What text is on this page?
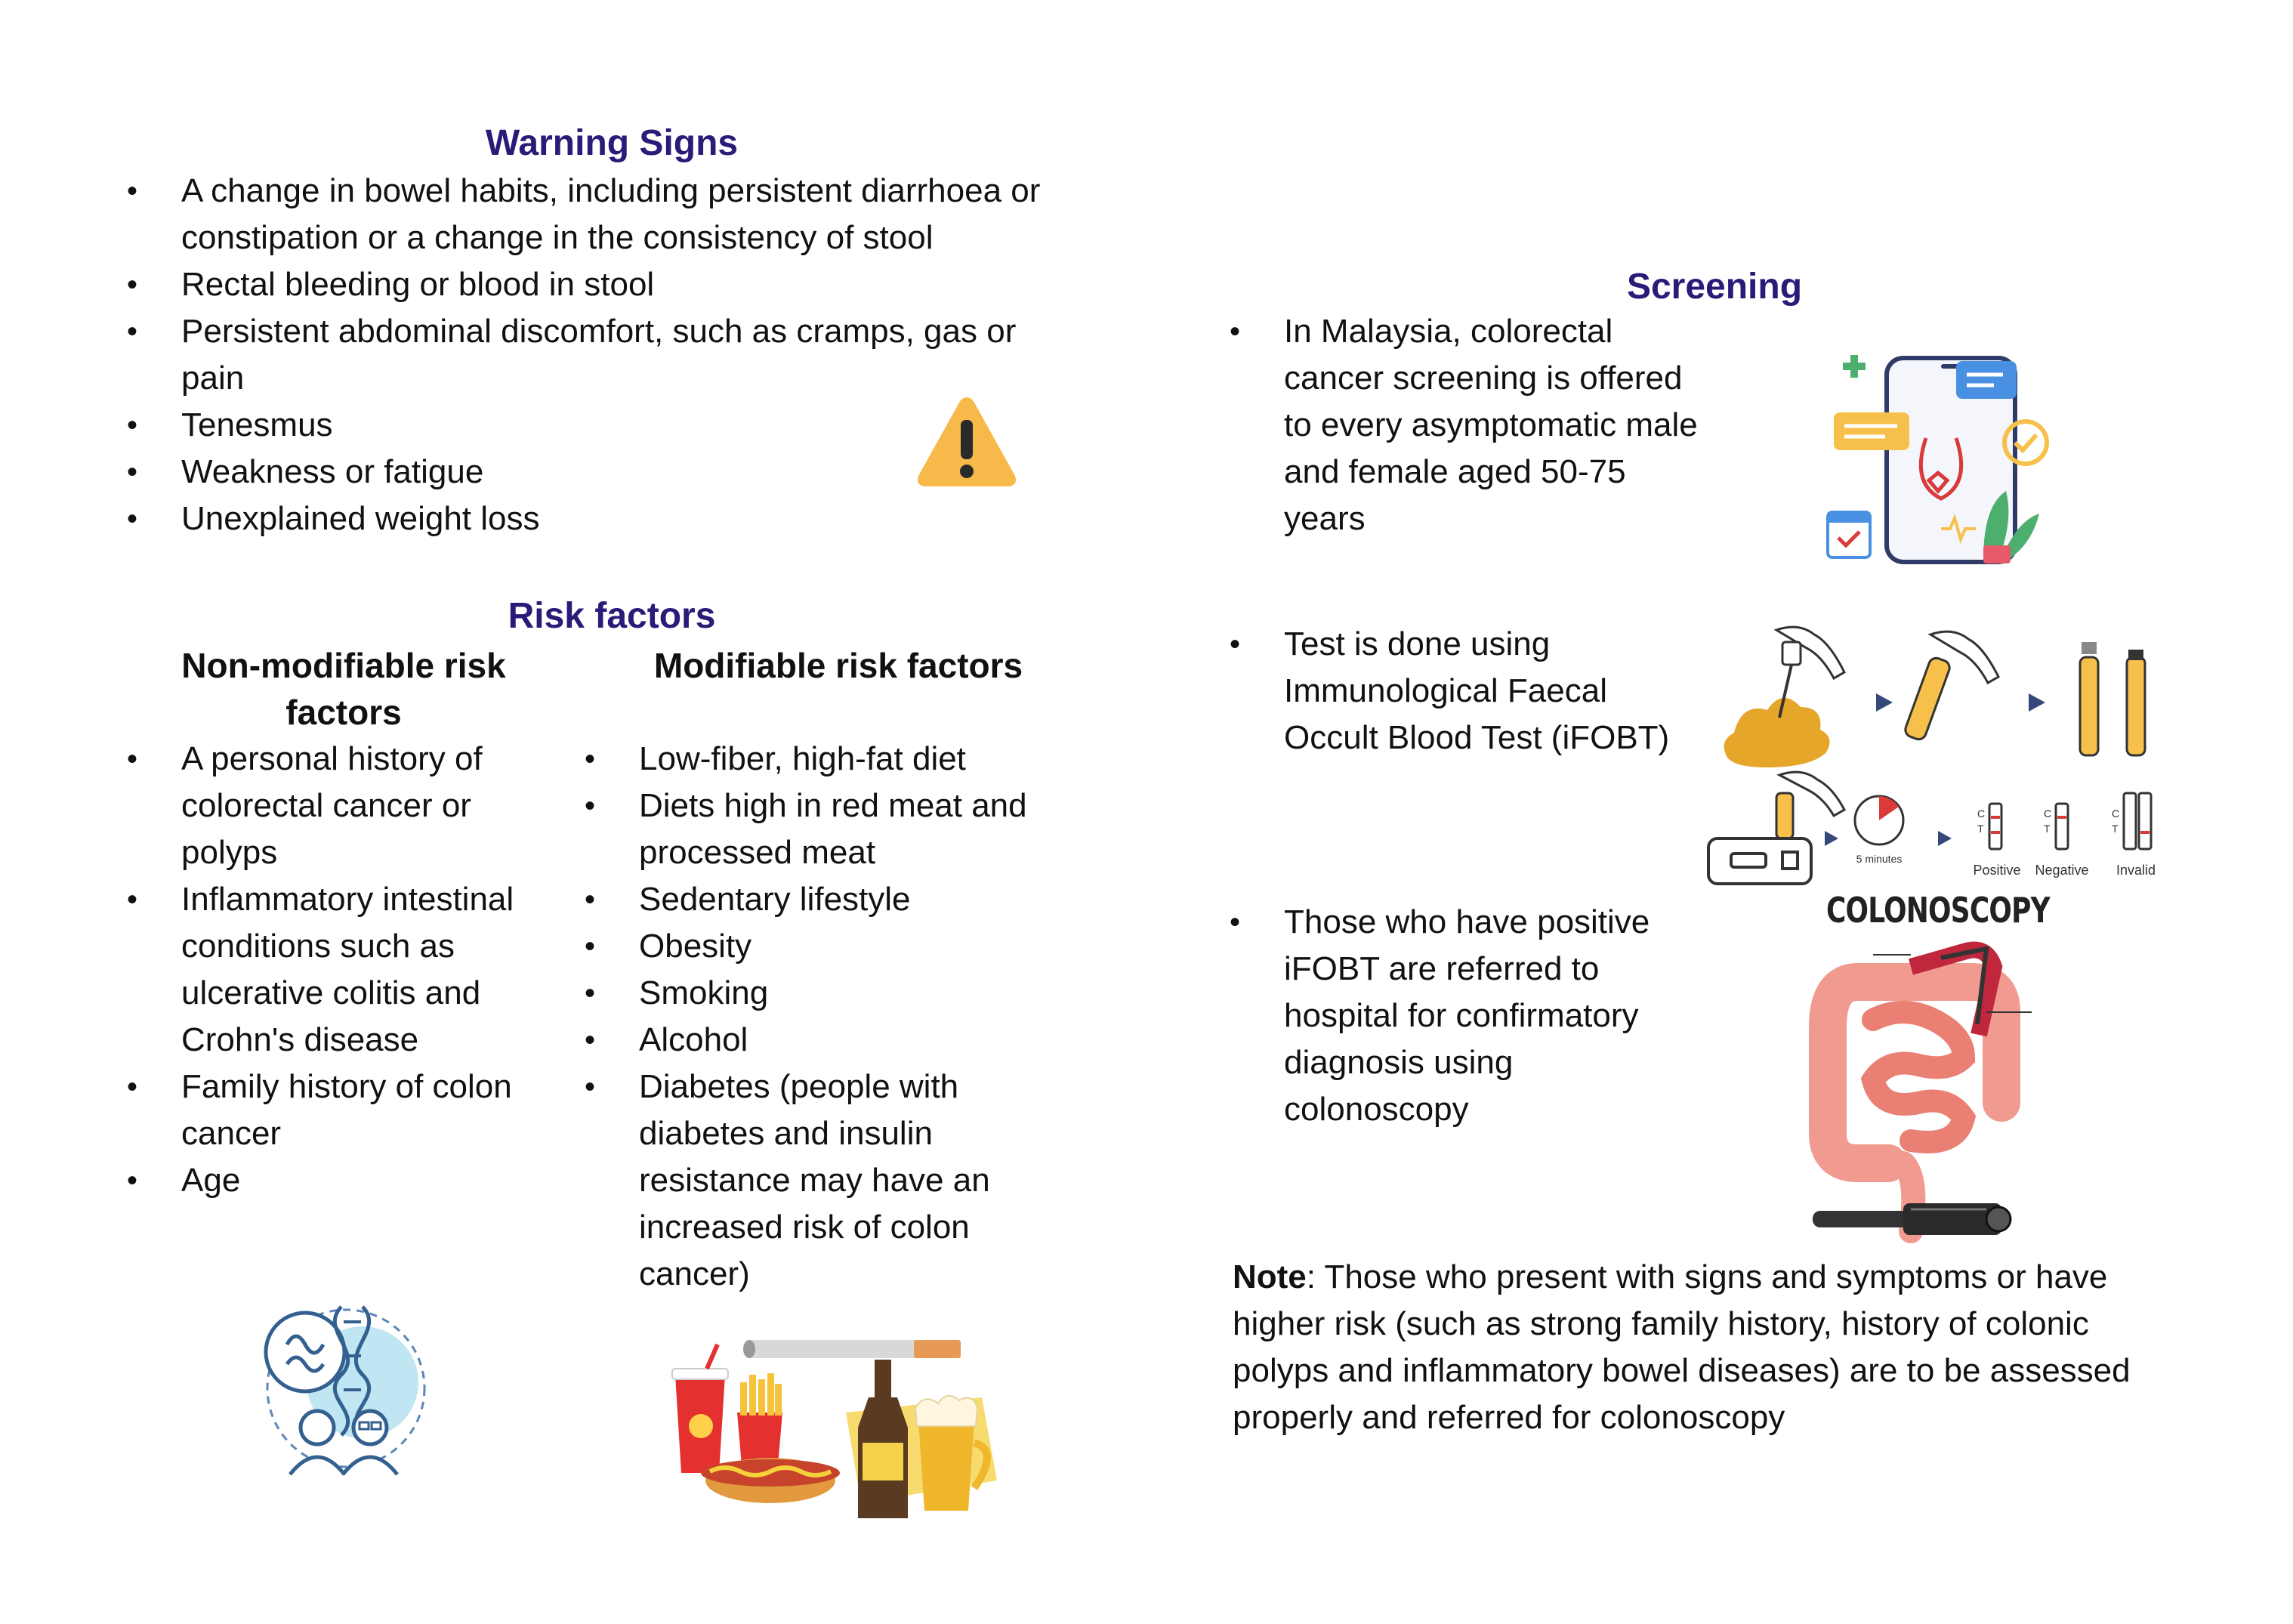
Warning Signs
• A change in bowel habits, including persistent diarrhoea or constipation or a change in the consistency of stool
• Rectal bleeding or blood in stool
• Persistent abdominal discomfort, such as cramps, gas or pain
• Tenesmus
• Weakness or fatigue
• Unexplained weight loss
Risk factors
Non-modifiable risk factors
Modifiable risk factors
• A personal history of colorectal cancer or polyps
• Inflammatory intestinal conditions such as ulcerative colitis and Crohn's disease
• Family history of colon cancer
• Age
• Low-fiber, high-fat diet
• Diets high in red meat and processed meat
• Sedentary lifestyle
• Obesity
• Smoking
• Alcohol
• Diabetes (people with diabetes and insulin resistance may have an increased risk of colon cancer)
Screening
• In Malaysia, colorectal cancer screening is offered to every asymptomatic male and female aged 50-75 years
• Test is done using Immunological Faecal Occult Blood Test (iFOBT)
• Those who have positive iFOBT are referred to hospital for confirmatory diagnosis using colonoscopy
5 minutes
C
T
Positive
C
T
Negative
C
T
Invalid
COLONOSCOPY
Note: Those who present with signs and symptoms or have higher risk (such as strong family history, history of colonic polyps and inflammatory bowel diseases) are to be assessed properly and referred for colonoscopy
